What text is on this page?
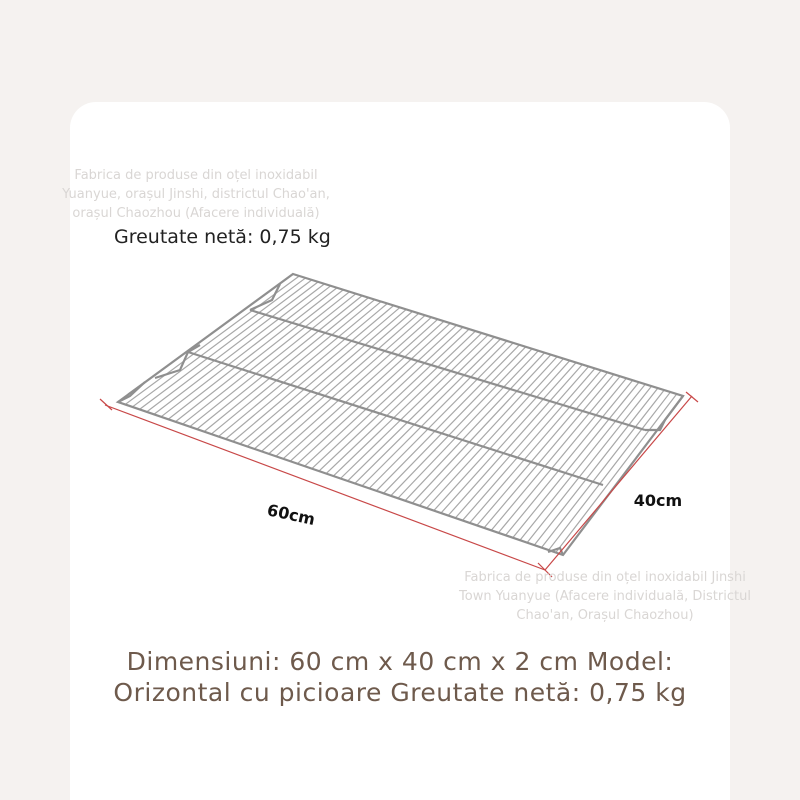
Fabrica de produse din oțel inoxidabil
Yuanyue, orașul Jinshi, districtul Chao'an,
orașul Chaozhou (Afacere individuală)
Greutate netă: 0,75 kg
60cm	40cm
Fabrica de produse din oțel inoxidabil Jinshi
Town Yuanyue (Afacere individuală, Districtul
Chao'an, Orașul Chaozhou)
Dimensiuni: 60 cm x 40 cm x 2 cm Model:
Orizontal cu picioare Greutate netă: 0,75 kg
